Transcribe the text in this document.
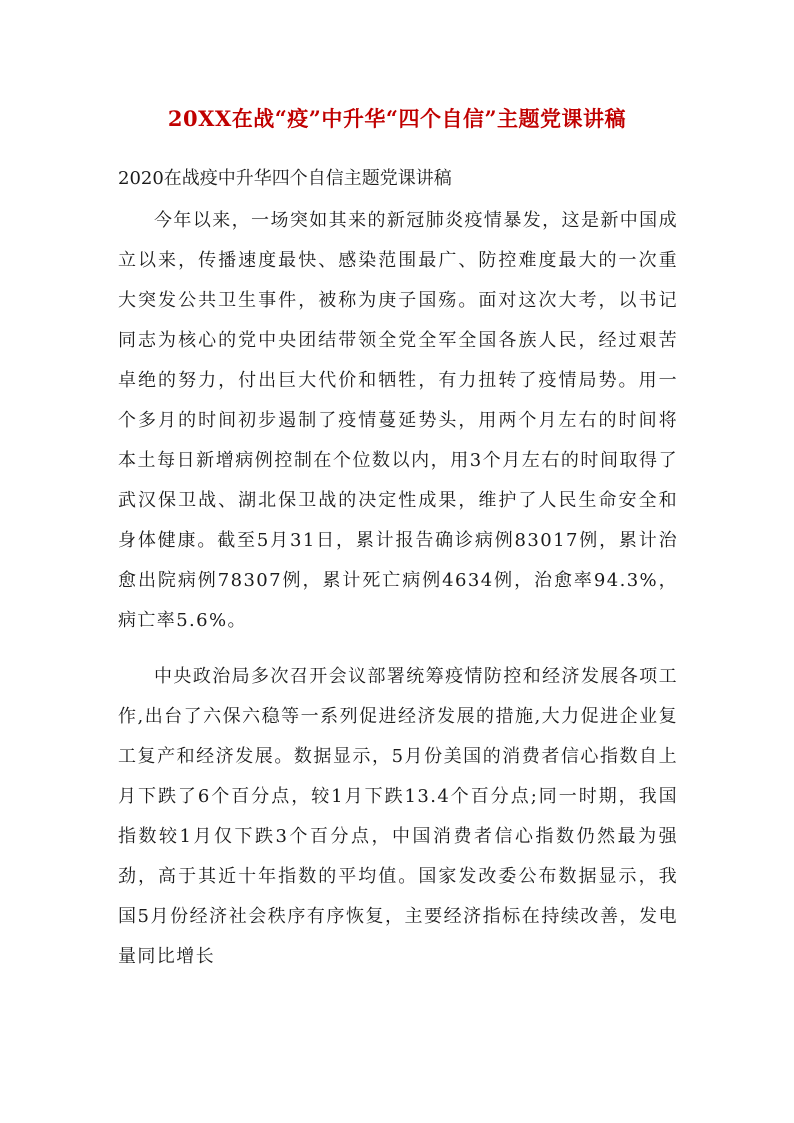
20XX在战“疫”中升华“四个自信”主题党课讲稿

2020在战疫中升华四个自信主题党课讲稿

今年以来，一场突如其来的新冠肺炎疫情暴发，这是新中国成立以来，传播速度最快、感染范围最广、防控难度最大的一次重大突发公共卫生事件，被称为庚子国殇。面对这次大考，以书记同志为核心的党中央团结带领全党全军全国各族人民，经过艰苦卓绝的努力，付出巨大代价和牺牲，有力扭转了疫情局势。用一个多月的时间初步遏制了疫情蔓延势头，用两个月左右的时间将本土每日新增病例控制在个位数以内，用3个月左右的时间取得了武汉保卫战、湖北保卫战的决定性成果，维护了人民生命安全和身体健康。截至5月31日，累计报告确诊病例83017例，累计治愈出院病例78307例，累计死亡病例4634例，治愈率94.3%，病亡率5.6%。

中央政治局多次召开会议部署统筹疫情防控和经济发展各项工作,出台了六保六稳等一系列促进经济发展的措施,大力促进企业复工复产和经济发展。数据显示，5月份美国的消费者信心指数自上月下跌了6个百分点，较1月下跌13.4个百分点;同一时期，我国指数较1月仅下跌3个百分点，中国消费者信心指数仍然最为强劲，高于其近十年指数的平均值。国家发改委公布数据显示，我国5月份经济社会秩序有序恢复，主要经济指标在持续改善，发电量同比增长
